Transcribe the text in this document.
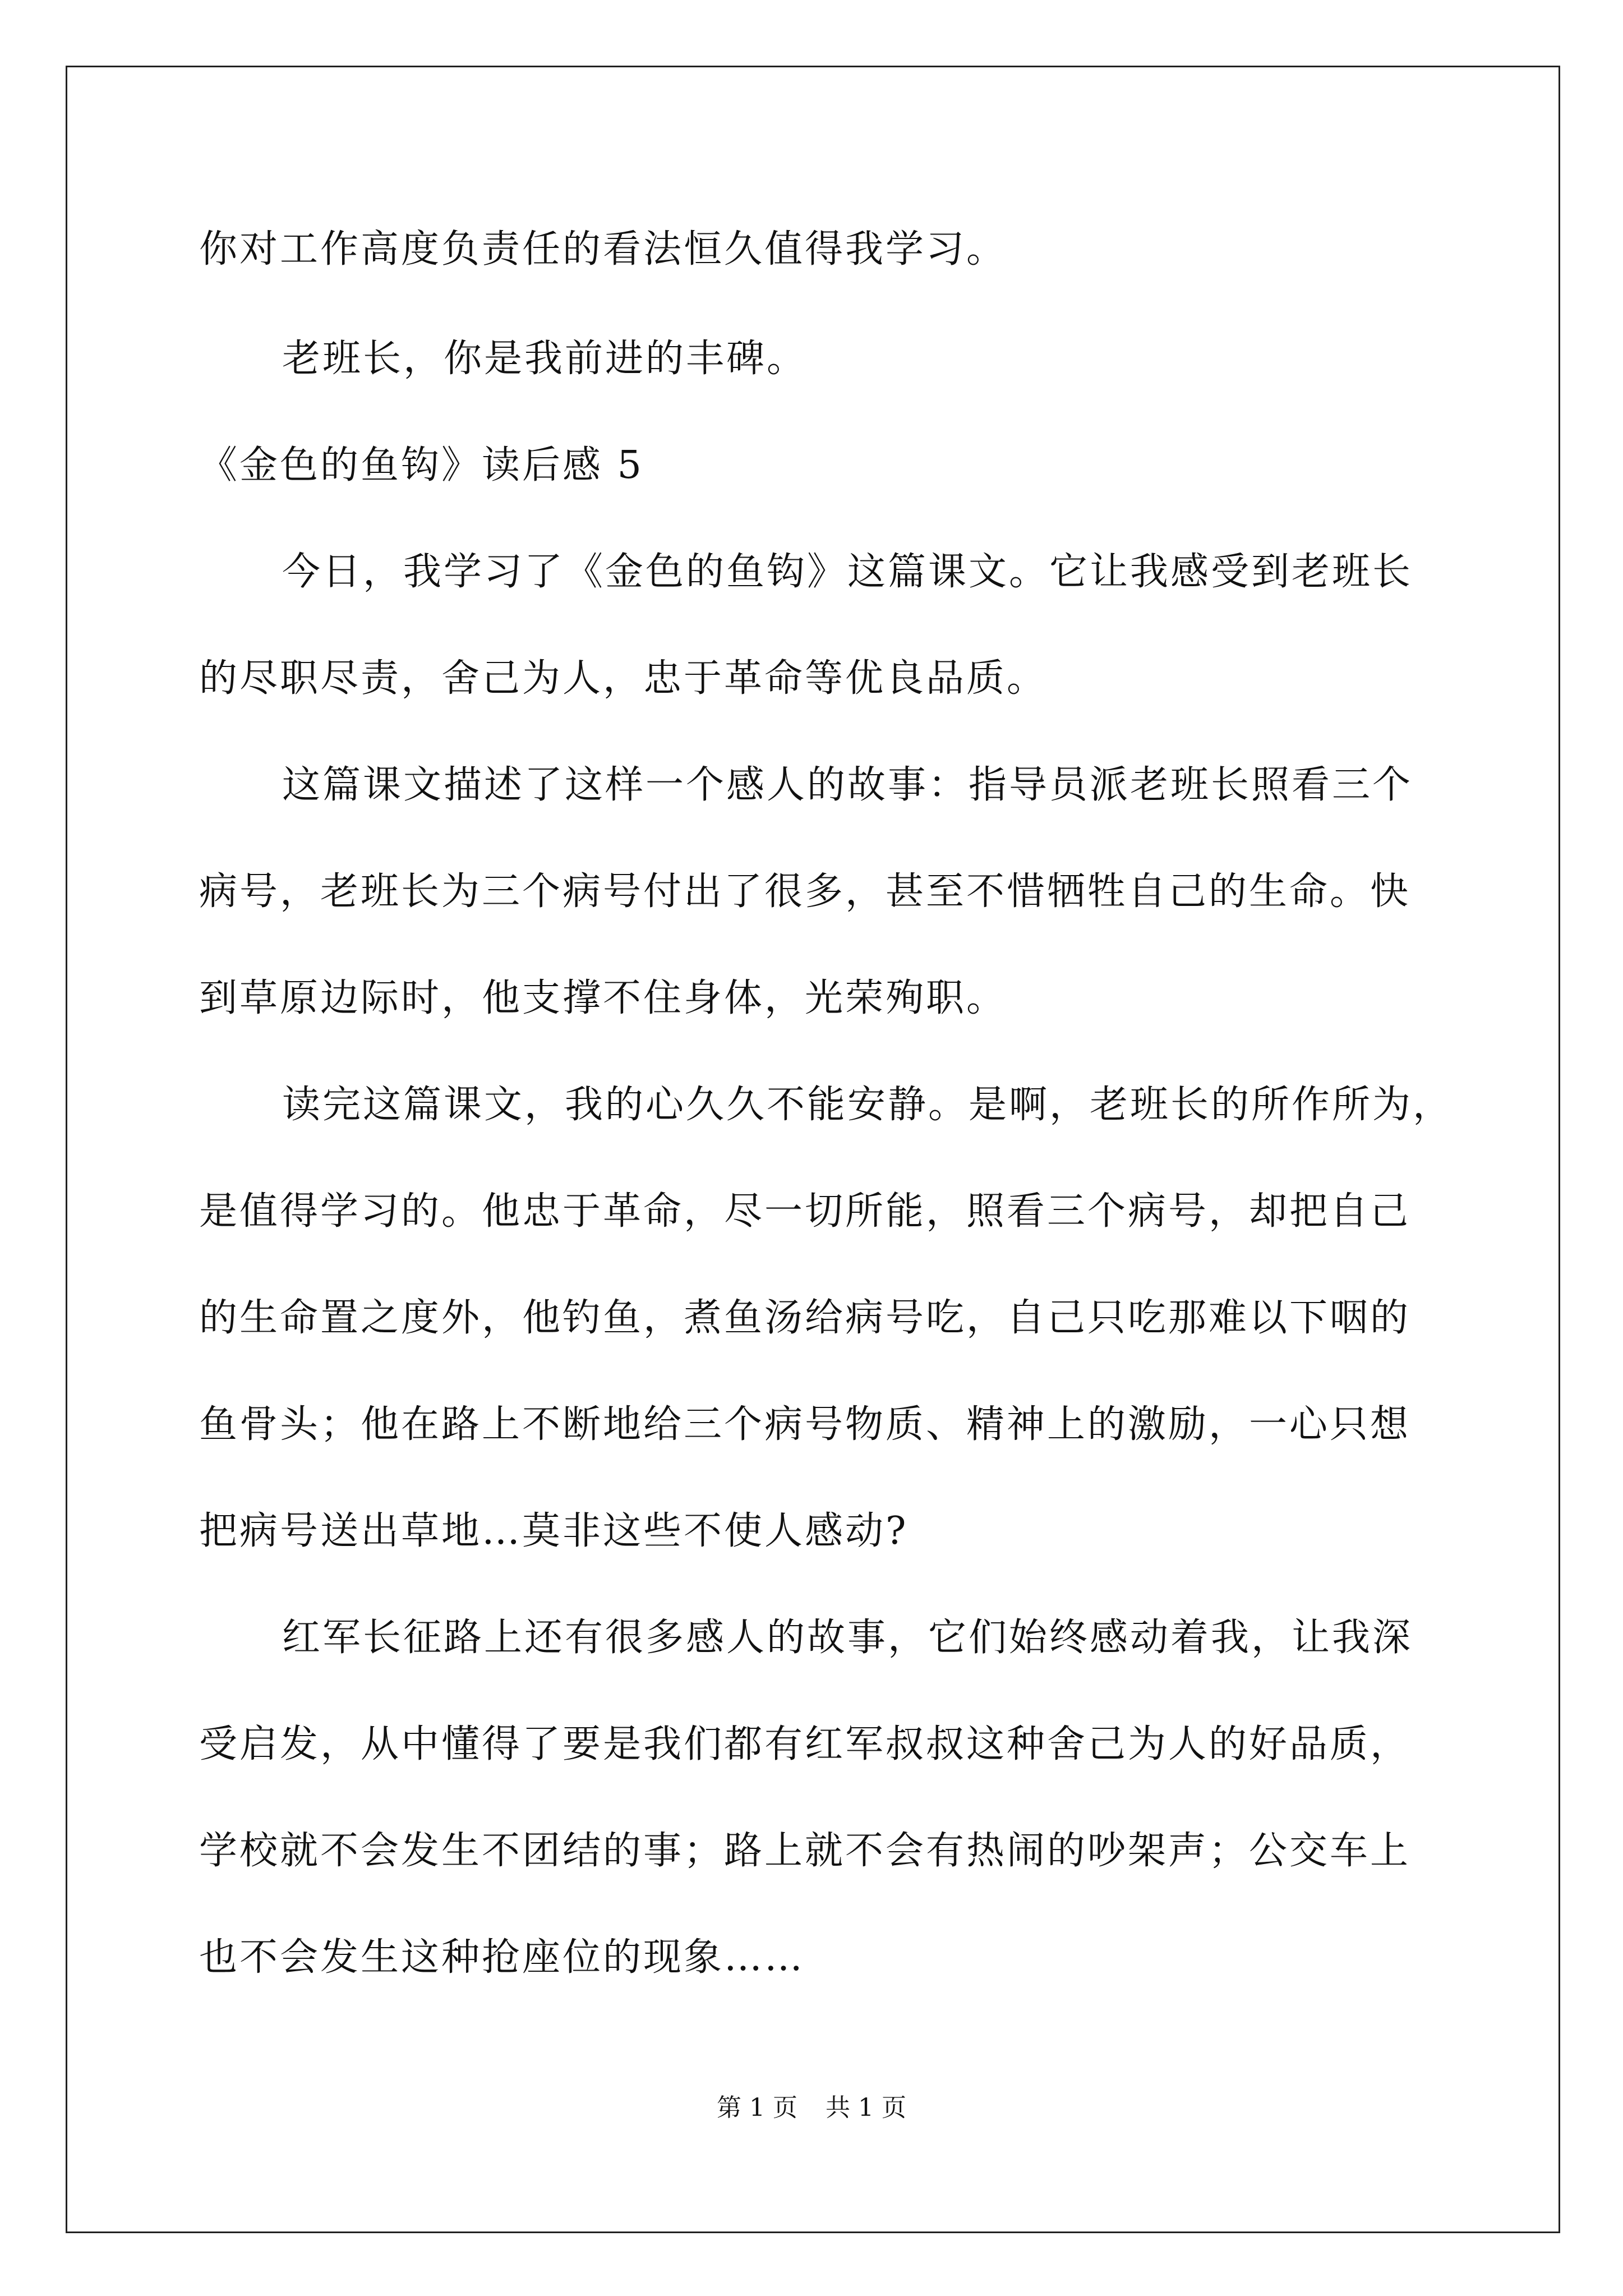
你对工作高度负责任的看法恒久值得我学习。
老班长，你是我前进的丰碑。
《金色的鱼钩》读后感 5
今日，我学习了《金色的鱼钩》这篇课文。它让我感受到老班长
的尽职尽责，舍己为人，忠于革命等优良品质。
这篇课文描述了这样一个感人的故事：指导员派老班长照看三个
病号，老班长为三个病号付出了很多，甚至不惜牺牲自己的生命。快
到草原边际时，他支撑不住身体，光荣殉职。
读完这篇课文，我的心久久不能安静。是啊，老班长的所作所为，
是值得学习的。他忠于革命，尽一切所能，照看三个病号，却把自己
的生命置之度外，他钓鱼，煮鱼汤给病号吃，自己只吃那难以下咽的
鱼骨头；他在路上不断地给三个病号物质、精神上的激励，一心只想
把病号送出草地…莫非这些不使人感动?
红军长征路上还有很多感人的故事，它们始终感动着我，让我深
受启发，从中懂得了要是我们都有红军叔叔这种舍己为人的好品质，
学校就不会发生不团结的事；路上就不会有热闹的吵架声；公交车上
也不会发生这种抢座位的现象……
第 1 页 共 1 页
